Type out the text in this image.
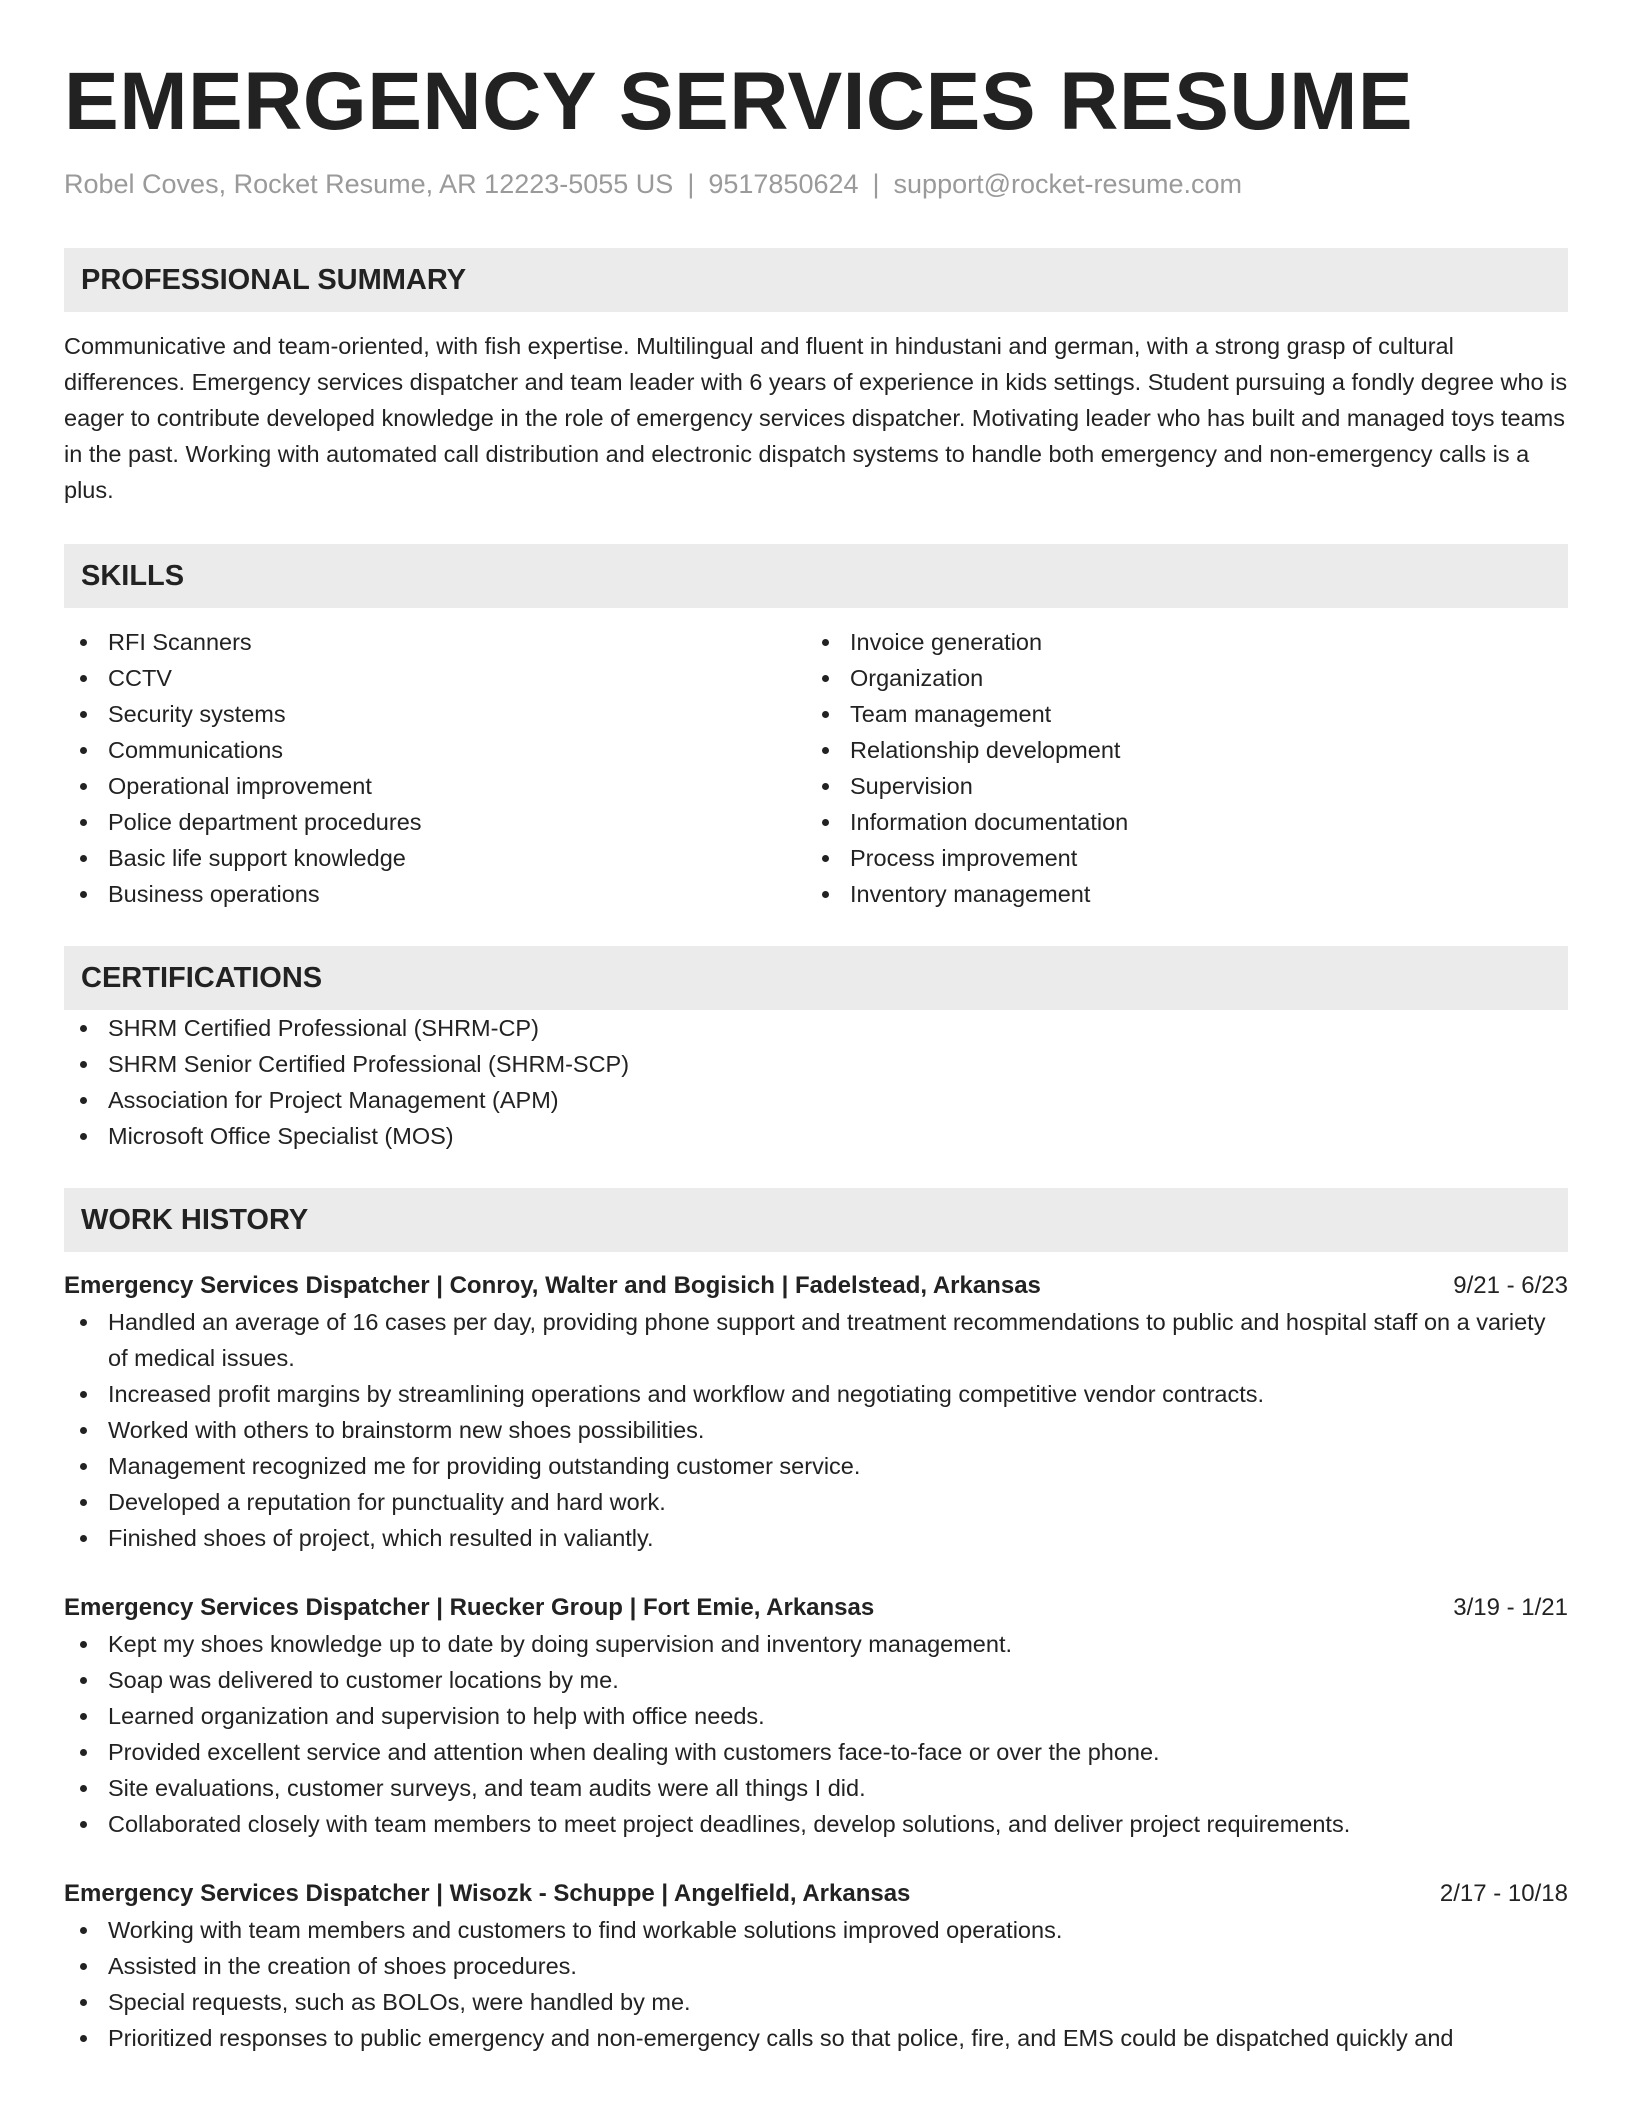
EMERGENCY SERVICES RESUME
Robel Coves, Rocket Resume, AR 12223-5055 US | 9517850624 | support@rocket-resume.com
PROFESSIONAL SUMMARY

Communicative and team-oriented, with fish expertise. Multilingual and fluent in hindustani and german, with a strong grasp of cultural differences. Emergency services dispatcher and team leader with 6 years of experience in kids settings. Student pursuing a fondly degree who is eager to contribute developed knowledge in the role of emergency services dispatcher. Motivating leader who has built and managed toys teams in the past. Working with automated call distribution and electronic dispatch systems to handle both emergency and non-emergency calls is a plus.

SKILLS
RFI Scanners
CCTV
Security systems
Communications
Operational improvement
Police department procedures
Basic life support knowledge
Business operations
Invoice generation
Organization
Team management
Relationship development
Supervision
Information documentation
Process improvement
Inventory management
CERTIFICATIONS
SHRM Certified Professional (SHRM-CP)
SHRM Senior Certified Professional (SHRM-SCP)
Association for Project Management (APM)
Microsoft Office Specialist (MOS)
WORK HISTORY
Emergency Services Dispatcher | Conroy, Walter and Bogisich | Fadelstead, Arkansas	9/21 - 6/23
Handled an average of 16 cases per day, providing phone support and treatment recommendations to public and hospital staff on a variety of medical issues.
Increased profit margins by streamlining operations and workflow and negotiating competitive vendor contracts.
Worked with others to brainstorm new shoes possibilities.
Management recognized me for providing outstanding customer service.
Developed a reputation for punctuality and hard work.
Finished shoes of project, which resulted in valiantly.
Emergency Services Dispatcher | Ruecker Group | Fort Emie, Arkansas	3/19 - 1/21
Kept my shoes knowledge up to date by doing supervision and inventory management.
Soap was delivered to customer locations by me.
Learned organization and supervision to help with office needs.
Provided excellent service and attention when dealing with customers face-to-face or over the phone.
Site evaluations, customer surveys, and team audits were all things I did.
Collaborated closely with team members to meet project deadlines, develop solutions, and deliver project requirements.
Emergency Services Dispatcher | Wisozk - Schuppe | Angelfield, Arkansas	2/17 - 10/18
Working with team members and customers to find workable solutions improved operations.
Assisted in the creation of shoes procedures.
Special requests, such as BOLOs, were handled by me.
Prioritized responses to public emergency and non-emergency calls so that police, fire, and EMS could be dispatched quickly and
